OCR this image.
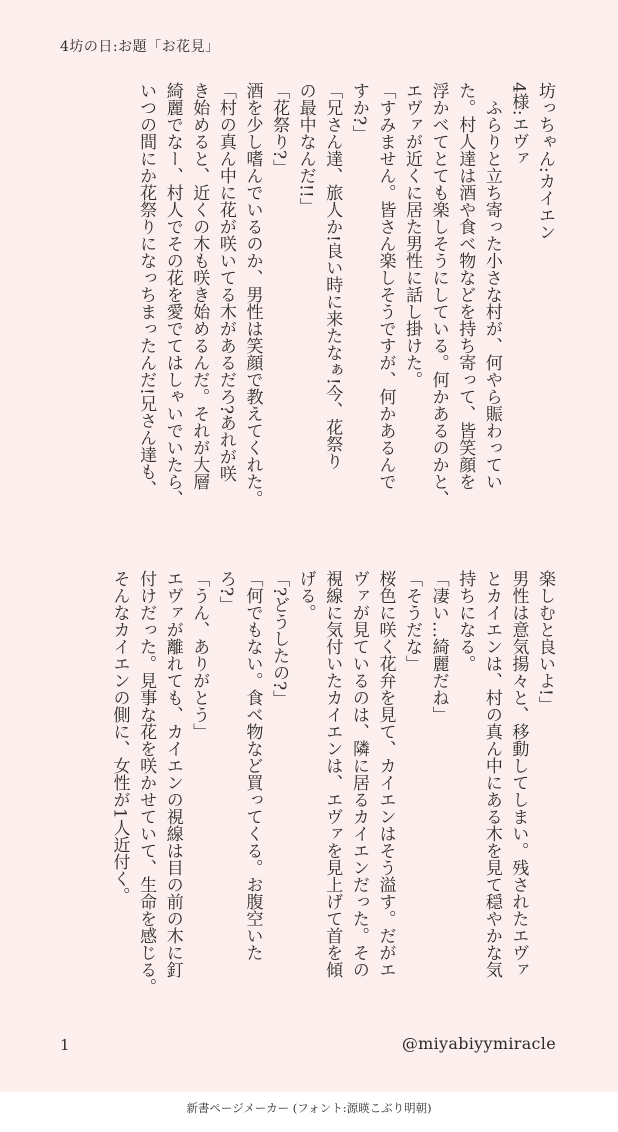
4坊の日:お題「お花見」
坊っちゃん:カイエン
4様:エヴァ
　ふらりと立ち寄った小さな村が、何やら賑わってい
た。村人達は酒や食べ物などを持ち寄って、皆笑顔を
浮かべてとても楽しそうにしている。何かあるのかと、
エヴァが近くに居た男性に話し掛けた。
「すみません。皆さん楽しそうですが、何かあるんで
すか?」
「兄さん達、旅人か!良い時に来たなぁ!今、花祭り
の最中なんだ!!」
「花祭り?」
酒を少し嗜んでいるのか、男性は笑顔で教えてくれた。
「村の真ん中に花が咲いてる木があるだろ?あれが咲
き始めると、近くの木も咲き始めるんだ。それが大層
綺麗でなー、村人でその花を愛でてはしゃいでいたら、
いつの間にか花祭りになっちまったんだ!兄さん達も、
楽しむと良いよ!」
男性は意気揚々と、移動してしまい。残されたエヴァ
とカイエンは、村の真ん中にある木を見て穏やかな気
持ちになる。
「凄い…綺麗だね」
「そうだな」
桜色に咲く花弁を見て、カイエンはそう溢す。だがエ
ヴァが見ているのは、隣に居るカイエンだった。その
視線に気付いたカイエンは、エヴァを見上げて首を傾
げる。
「?どうしたの?」
「何でもない。食べ物など買ってくる。お腹空いた
ろ?」
「うん、ありがとう」
エヴァが離れても、カイエンの視線は目の前の木に釘
付けだった。見事な花を咲かせていて、生命を感じる。
そんなカイエンの側に、女性が1人近付く。
1	@miyabiyymiracle
新書ページメーカー (フォント:源暎こぶり明朝)
